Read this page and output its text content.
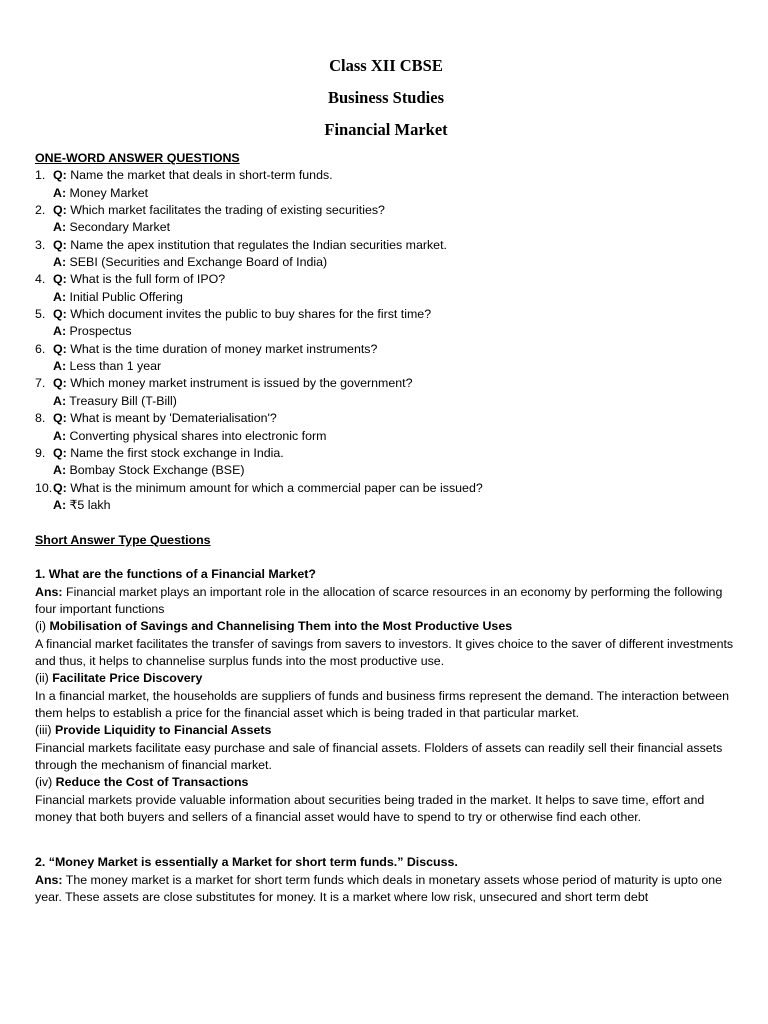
Class XII CBSE
Business Studies
Financial Market
ONE-WORD ANSWER QUESTIONS
1. Q: Name the market that deals in short-term funds.
A: Money Market
2. Q: Which market facilitates the trading of existing securities?
A: Secondary Market
3. Q: Name the apex institution that regulates the Indian securities market.
A: SEBI (Securities and Exchange Board of India)
4. Q: What is the full form of IPO?
A: Initial Public Offering
5. Q: Which document invites the public to buy shares for the first time?
A: Prospectus
6. Q: What is the time duration of money market instruments?
A: Less than 1 year
7. Q: Which money market instrument is issued by the government?
A: Treasury Bill (T-Bill)
8. Q: What is meant by 'Dematerialisation'?
A: Converting physical shares into electronic form
9. Q: Name the first stock exchange in India.
A: Bombay Stock Exchange (BSE)
10. Q: What is the minimum amount for which a commercial paper can be issued?
A: ₹5 lakh
Short Answer Type Questions

1. What are the functions of a Financial Market?

Ans: Financial market plays an important role in the allocation of scarce resources in an economy by performing the following four important functions

(i) Mobilisation of Savings and Channelising Them into the Most Productive Uses

A financial market facilitates the transfer of savings from savers to investors. It gives choice to the saver of different investments and thus, it helps to channelise surplus funds into the most productive use.

(ii) Facilitate Price Discovery

In a financial market, the households are suppliers of funds and business firms represent the demand. The interaction between them helps to establish a price for the financial asset which is being traded in that particular market.

(iii) Provide Liquidity to Financial Assets

Financial markets facilitate easy purchase and sale of financial assets. Flolders of assets can readily sell their financial assets through the mechanism of financial market.

(iv) Reduce the Cost of Transactions

Financial markets provide valuable information about securities being traded in the market. It helps to save time, effort and money that both buyers and sellers of a financial asset would have to spend to try or otherwise find each other.

2. “Money Market is essentially a Market for short term funds.” Discuss.

Ans: The money market is a market for short term funds which deals in monetary assets whose period of maturity is upto one year. These assets are close substitutes for money. It is a market where low risk, unsecured and short term debt
